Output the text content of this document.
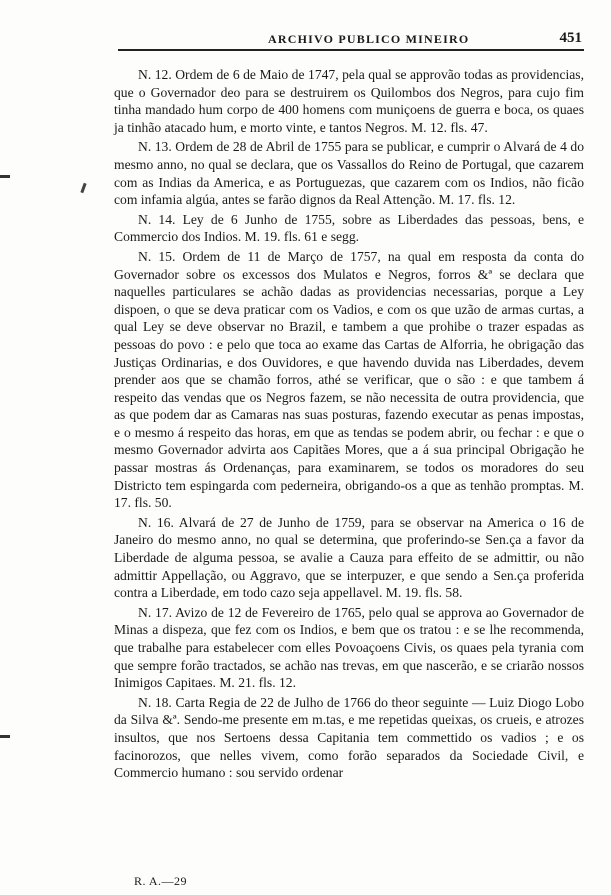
ARCHIVO PUBLICO MINEIRO	451

N. 12. Ordem de 6 de Maio de 1747, pela qual se approvão todas as providencias, que o Governador deo para se destruirem os Quilombos dos Negros, para cujo fim tinha mandado hum corpo de 400 homens com muniçoens de guerra e boca, os quaes ja tinhão atacado hum, e morto vinte, e tantos Negros. M. 12. fls. 47.

N. 13. Ordem de 28 de Abril de 1755 para se publicar, e cumprir o Alvará de 4 do mesmo anno, no qual se declara, que os Vassallos do Reino de Portugal, que cazarem com as Indias da America, e as Portuguezas, que cazarem com os Indios, não ficão com infamia algúa, antes se farão dignos da Real Attenção. M. 17. fls. 12.

N. 14. Ley de 6 Junho de 1755, sobre as Liberdades das pessoas, bens, e Commercio dos Indios. M. 19. fls. 61 e segg.

N. 15. Ordem de 11 de Março de 1757, na qual em resposta da conta do Governador sobre os excessos dos Mulatos e Negros, forros &ª se declara que naquelles particulares se achão dadas as providencias necessarias, porque a Ley dispoen, o que se deva praticar com os Vadios, e com os que uzão de armas curtas, a qual Ley se deve observar no Brazil, e tambem a que prohibe o trazer espadas as pessoas do povo : e pelo que toca ao exame das Cartas de Alforria, he obrigação das Justiças Ordinarias, e dos Ouvidores, e que havendo duvida nas Liberdades, devem prender aos que se chamão forros, athé se verificar, que o são : e que tambem á respeito das vendas que os Negros fazem, se não necessita de outra providencia, que as que podem dar as Camaras nas suas posturas, fazendo executar as penas impostas, e o mesmo á respeito das horas, em que as tendas se podem abrir, ou fechar : e que o mesmo Governador advirta aos Capitães Mores, que a á sua principal Obrigação he passar mostras ás Ordenanças, para examinarem, se todos os moradores do seu Districto tem espingarda com pederneira, obrigando-os a que as tenhão promptas. M. 17. fls. 50.

N. 16. Alvará de 27 de Junho de 1759, para se observar na America o 16 de Janeiro do mesmo anno, no qual se determina, que proferindo-se Sen.ça a favor da Liberdade de alguma pessoa, se avalie a Cauza para effeito de se admittir, ou não admittir Appellação, ou Aggravo, que se interpuzer, e que sendo a Sen.ça proferida contra a Liberdade, em todo cazo seja appellavel. M. 19. fls. 58.

N. 17. Avizo de 12 de Fevereiro de 1765, pelo qual se approva ao Governador de Minas a dispeza, que fez com os Indios, e bem que os tratou : e se lhe recommenda, que trabalhe para estabelecer com elles Povoaçoens Civis, os quaes pela tyrania com que sempre forão tractados, se achão nas trevas, em que nascerão, e se criarão nossos Inimigos Capitaes. M. 21. fls. 12.

N. 18. Carta Regia de 22 de Julho de 1766 do theor seguinte — Luiz Diogo Lobo da Silva &ª. Sendo-me presente em m.tas, e me repetidas queixas, os crueis, e atrozes insultos, que nos Sertoens dessa Capitania tem commettido os vadios ; e os facinorozos, que nelles vivem, como forão separados da Sociedade Civil, e Commercio humano : sou servido ordenar

R. A.—29
